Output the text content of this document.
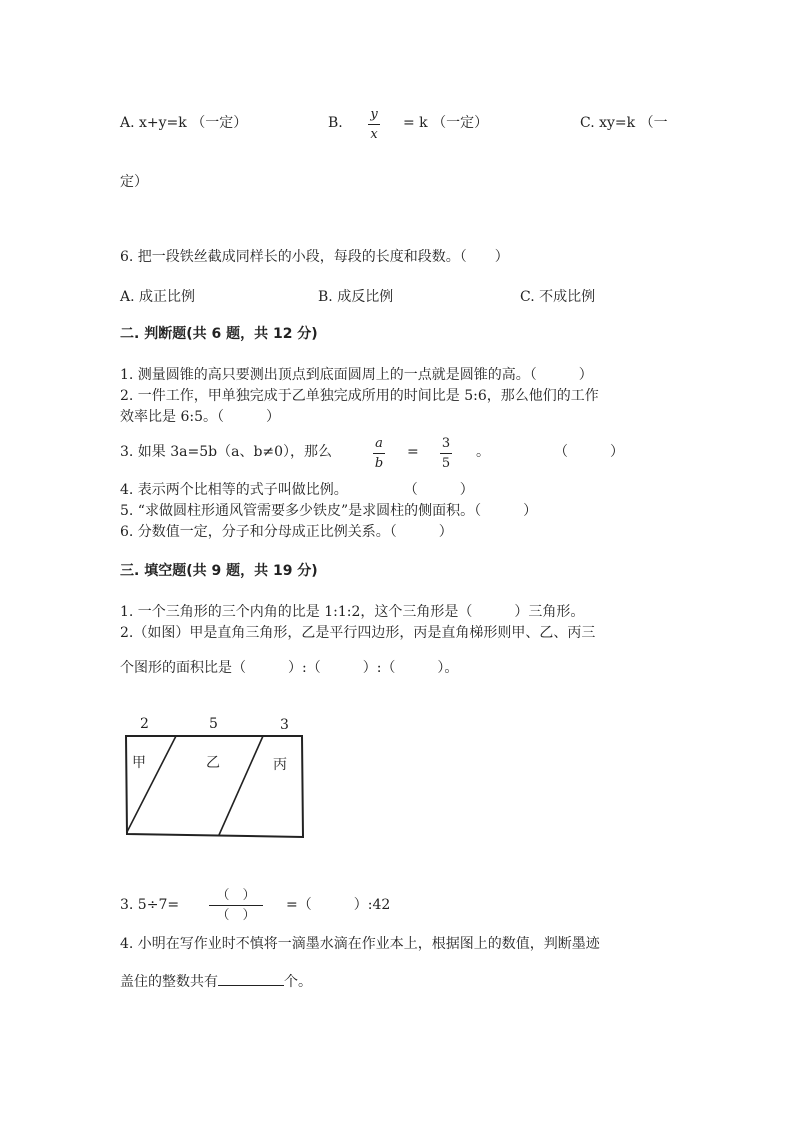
A. x+y=k （一定）	B.
y
x
= k （一定）	C. xy=k （一
定）
6. 把一段铁丝截成同样长的小段，每段的长度和段数。（　　）
A. 成正比例	B. 成反比例	C. 不成比例
二. 判断题(共 6 题，共 12 分)
1. 测量圆锥的高只要测出顶点到底面圆周上的一点就是圆锥的高。（　　　）
2. 一件工作，甲单独完成于乙单独完成所用的时间比是 5:6，那么他们的工作
效率比是 6:5。（　　　）
3. 如果 3a=5b（a、b≠0），那么
a
b
=
3
5
。	（　　　）
4. 表示两个比相等的式子叫做比例。　　　　　（　　　）
5. “求做圆柱形通风管需要多少铁皮”是求圆柱的侧面积。（　　　）
6. 分数值一定，分子和分母成正比例关系。（　　　）
三. 填空题(共 9 题，共 19 分)
1. 一个三角形的三个内角的比是 1:1:2，这个三角形是（　　　）三角形。
2.（如图）甲是直角三角形，乙是平行四边形，丙是直角梯形则甲、乙、丙三
个图形的面积比是（　　　）:（　　　）:（　　　）。
2	5	3
甲	乙	丙
3. 5÷7=
（　）
（　）
=（　　　）:42
4. 小明在写作业时不慎将一滴墨水滴在作业本上，根据图上的数值，判断墨迹
盖住的整数共有	个。
